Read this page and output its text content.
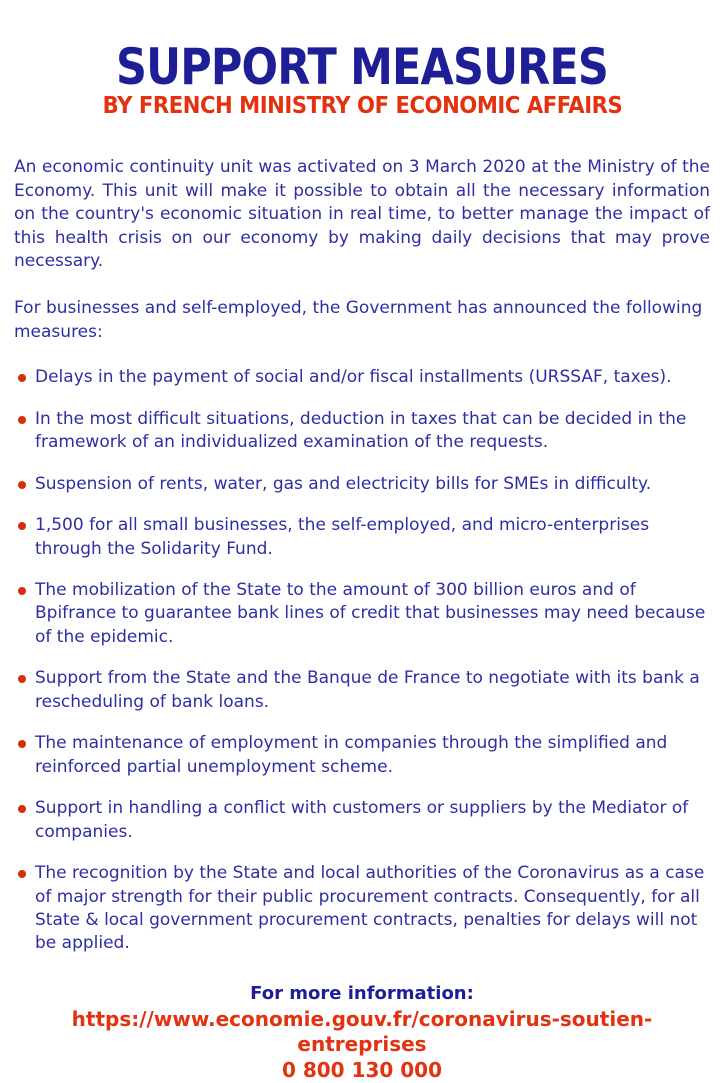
SUPPORT MEASURES
BY FRENCH MINISTRY OF ECONOMIC AFFAIRS

An economic continuity unit was activated on 3 March 2020 at the Ministry of the Economy. This unit will make it possible to obtain all the necessary information on the country's economic situation in real time, to better manage the impact of this health crisis on our economy by making daily decisions that may prove necessary.

For businesses and self-employed, the Government has announced the following measures:

Delays in the payment of social and/or fiscal installments (URSSAF, taxes).
In the most difficult situations, deduction in taxes that can be decided in the framework of an individualized examination of the requests.
Suspension of rents, water, gas and electricity bills for SMEs in difficulty.
1,500 for all small businesses, the self-employed, and micro-enterprises through the Solidarity Fund.
The mobilization of the State to the amount of 300 billion euros and of Bpifrance to guarantee bank lines of credit that businesses may need because of the epidemic.
Support from the State and the Banque de France to negotiate with its bank a rescheduling of bank loans.
The maintenance of employment in companies through the simplified and reinforced partial unemployment scheme.
Support in handling a conflict with customers or suppliers by the Mediator of companies.
The recognition by the State and local authorities of the Coronavirus as a case of major strength for their public procurement contracts. Consequently, for all State & local government procurement contracts, penalties for delays will not be applied.

For more information:

https://www.economie.gouv.fr/coronavirus-soutien-entreprises

0 800 130 000
